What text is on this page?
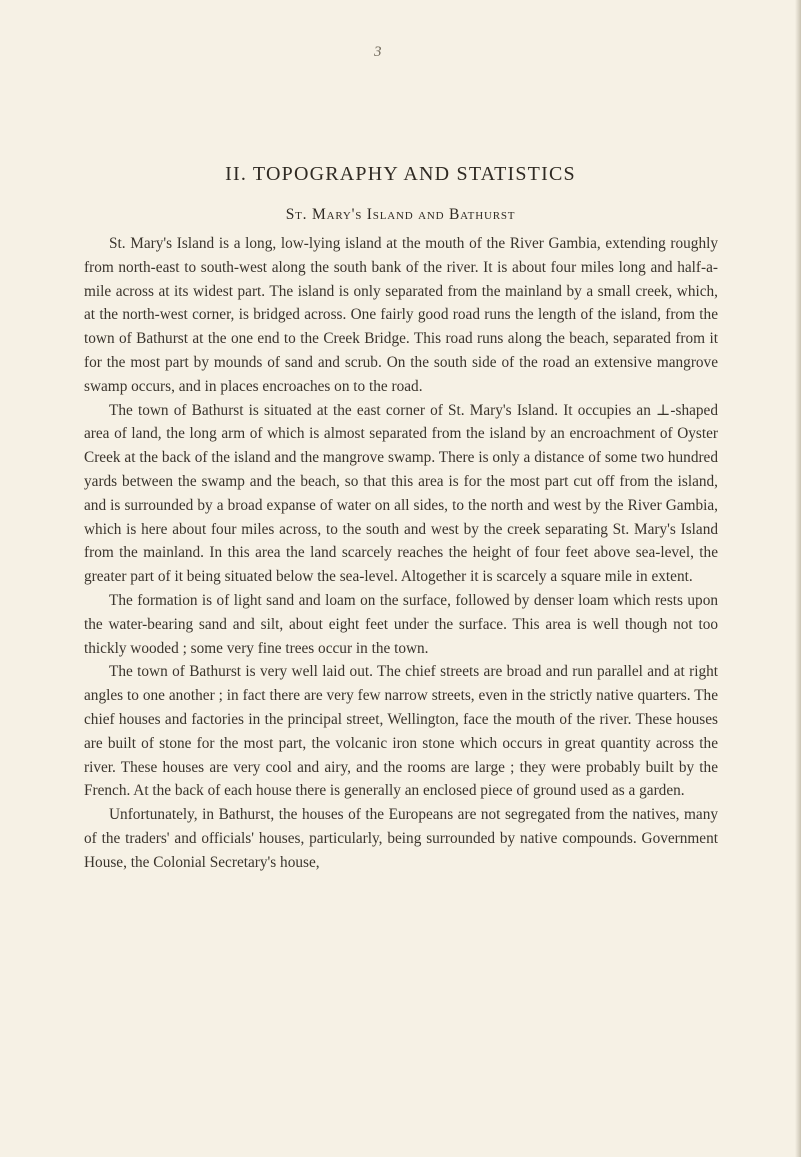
3
II. TOPOGRAPHY AND STATISTICS
St. Mary's Island and Bathurst

St. Mary's Island is a long, low-lying island at the mouth of the River Gambia, extending roughly from north-east to south-west along the south bank of the river. It is about four miles long and half-a-mile across at its widest part. The island is only separated from the mainland by a small creek, which, at the north-west corner, is bridged across. One fairly good road runs the length of the island, from the town of Bathurst at the one end to the Creek Bridge. This road runs along the beach, separated from it for the most part by mounds of sand and scrub. On the south side of the road an extensive mangrove swamp occurs, and in places encroaches on to the road.

The town of Bathurst is situated at the east corner of St. Mary's Island. It occupies an ⊥-shaped area of land, the long arm of which is almost separated from the island by an encroachment of Oyster Creek at the back of the island and the mangrove swamp. There is only a distance of some two hundred yards between the swamp and the beach, so that this area is for the most part cut off from the island, and is surrounded by a broad expanse of water on all sides, to the north and west by the River Gambia, which is here about four miles across, to the south and west by the creek separating St. Mary's Island from the mainland. In this area the land scarcely reaches the height of four feet above sea-level, the greater part of it being situated below the sea-level. Altogether it is scarcely a square mile in extent.

The formation is of light sand and loam on the surface, followed by denser loam which rests upon the water-bearing sand and silt, about eight feet under the surface. This area is well though not too thickly wooded ; some very fine trees occur in the town.

The town of Bathurst is very well laid out. The chief streets are broad and run parallel and at right angles to one another ; in fact there are very few narrow streets, even in the strictly native quarters. The chief houses and factories in the principal street, Wellington, face the mouth of the river. These houses are built of stone for the most part, the volcanic iron stone which occurs in great quantity across the river. These houses are very cool and airy, and the rooms are large ; they were probably built by the French. At the back of each house there is generally an enclosed piece of ground used as a garden.

Unfortunately, in Bathurst, the houses of the Europeans are not segregated from the natives, many of the traders' and officials' houses, particularly, being surrounded by native compounds. Government House, the Colonial Secretary's house,
